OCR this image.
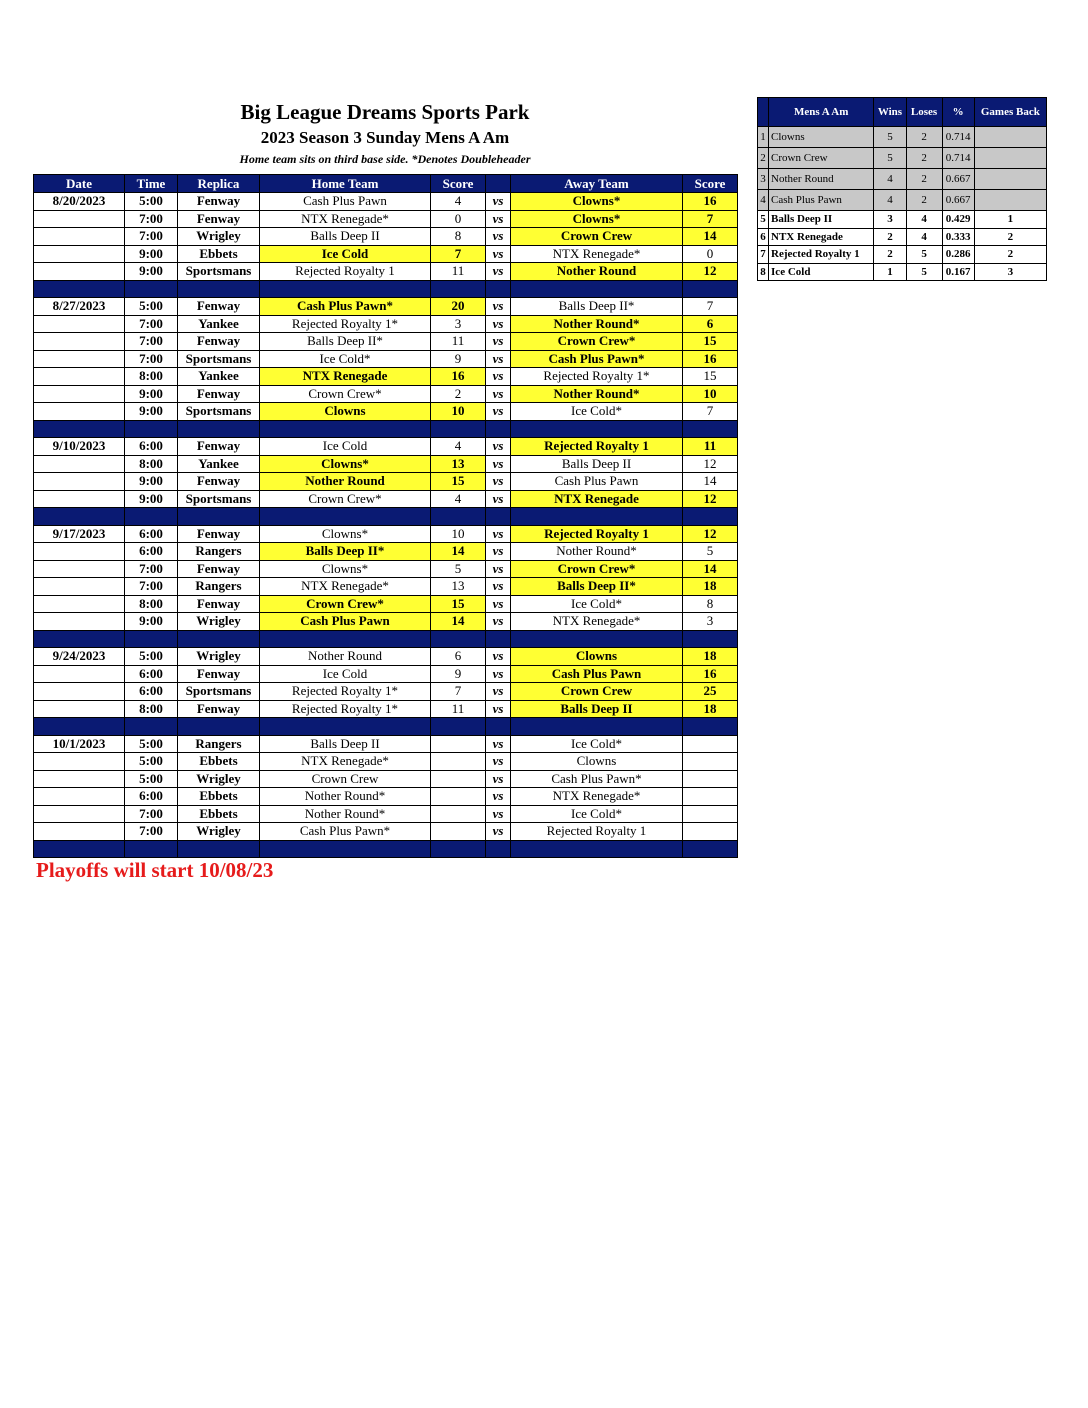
Big League Dreams Sports Park
2023 Season 3 Sunday Mens A Am
Home team sits on third base side. *Denotes Doubleheader
Date	Time	Replica	Home Team	Score		Away Team	Score
8/20/2023	5:00	Fenway	Cash Plus Pawn	4	vs	Clowns*	16
	7:00	Fenway	NTX Renegade*	0	vs	Clowns*	7
	7:00	Wrigley	Balls Deep II	8	vs	Crown Crew	14
	9:00	Ebbets	Ice Cold	7	vs	NTX Renegade*	0
	9:00	Sportsmans	Rejected Royalty 1	11	vs	Nother Round	12

8/27/2023	5:00	Fenway	Cash Plus Pawn*	20	vs	Balls Deep II*	7
	7:00	Yankee	Rejected Royalty 1*	3	vs	Nother Round*	6
	7:00	Fenway	Balls Deep II*	11	vs	Crown Crew*	15
	7:00	Sportsmans	Ice Cold*	9	vs	Cash Plus Pawn*	16
	8:00	Yankee	NTX Renegade	16	vs	Rejected Royalty 1*	15
	9:00	Fenway	Crown Crew*	2	vs	Nother Round*	10
	9:00	Sportsmans	Clowns	10	vs	Ice Cold*	7

9/10/2023	6:00	Fenway	Ice Cold	4	vs	Rejected Royalty 1	11
	8:00	Yankee	Clowns*	13	vs	Balls Deep II	12
	9:00	Fenway	Nother Round	15	vs	Cash Plus Pawn	14
	9:00	Sportsmans	Crown Crew*	4	vs	NTX Renegade	12

9/17/2023	6:00	Fenway	Clowns*	10	vs	Rejected Royalty 1	12
	6:00	Rangers	Balls Deep II*	14	vs	Nother Round*	5
	7:00	Fenway	Clowns*	5	vs	Crown Crew*	14
	7:00	Rangers	NTX Renegade*	13	vs	Balls Deep II*	18
	8:00	Fenway	Crown Crew*	15	vs	Ice Cold*	8
	9:00	Wrigley	Cash Plus Pawn	14	vs	NTX Renegade*	3

9/24/2023	5:00	Wrigley	Nother Round	6	vs	Clowns	18
	6:00	Fenway	Ice Cold	9	vs	Cash Plus Pawn	16
	6:00	Sportsmans	Rejected Royalty 1*	7	vs	Crown Crew	25
	8:00	Fenway	Rejected Royalty 1*	11	vs	Balls Deep II	18

10/1/2023	5:00	Rangers	Balls Deep II		vs	Ice Cold*	
	5:00	Ebbets	NTX Renegade*		vs	Clowns	
	5:00	Wrigley	Crown Crew		vs	Cash Plus Pawn*	
	6:00	Ebbets	Nother Round*		vs	NTX Renegade*	
	7:00	Ebbets	Nother Round*		vs	Ice Cold*	
	7:00	Wrigley	Cash Plus Pawn*		vs	Rejected Royalty 1	

Playoffs will start 10/08/23
	Mens A Am	Wins	Loses	%	Games Back
1	Clowns	5	2	0.714	
2	Crown Crew	5	2	0.714	
3	Nother Round	4	2	0.667	
4	Cash Plus Pawn	4	2	0.667	
5	Balls Deep II	3	4	0.429	1
6	NTX Renegade	2	4	0.333	2
7	Rejected Royalty 1	2	5	0.286	2
8	Ice Cold	1	5	0.167	3
